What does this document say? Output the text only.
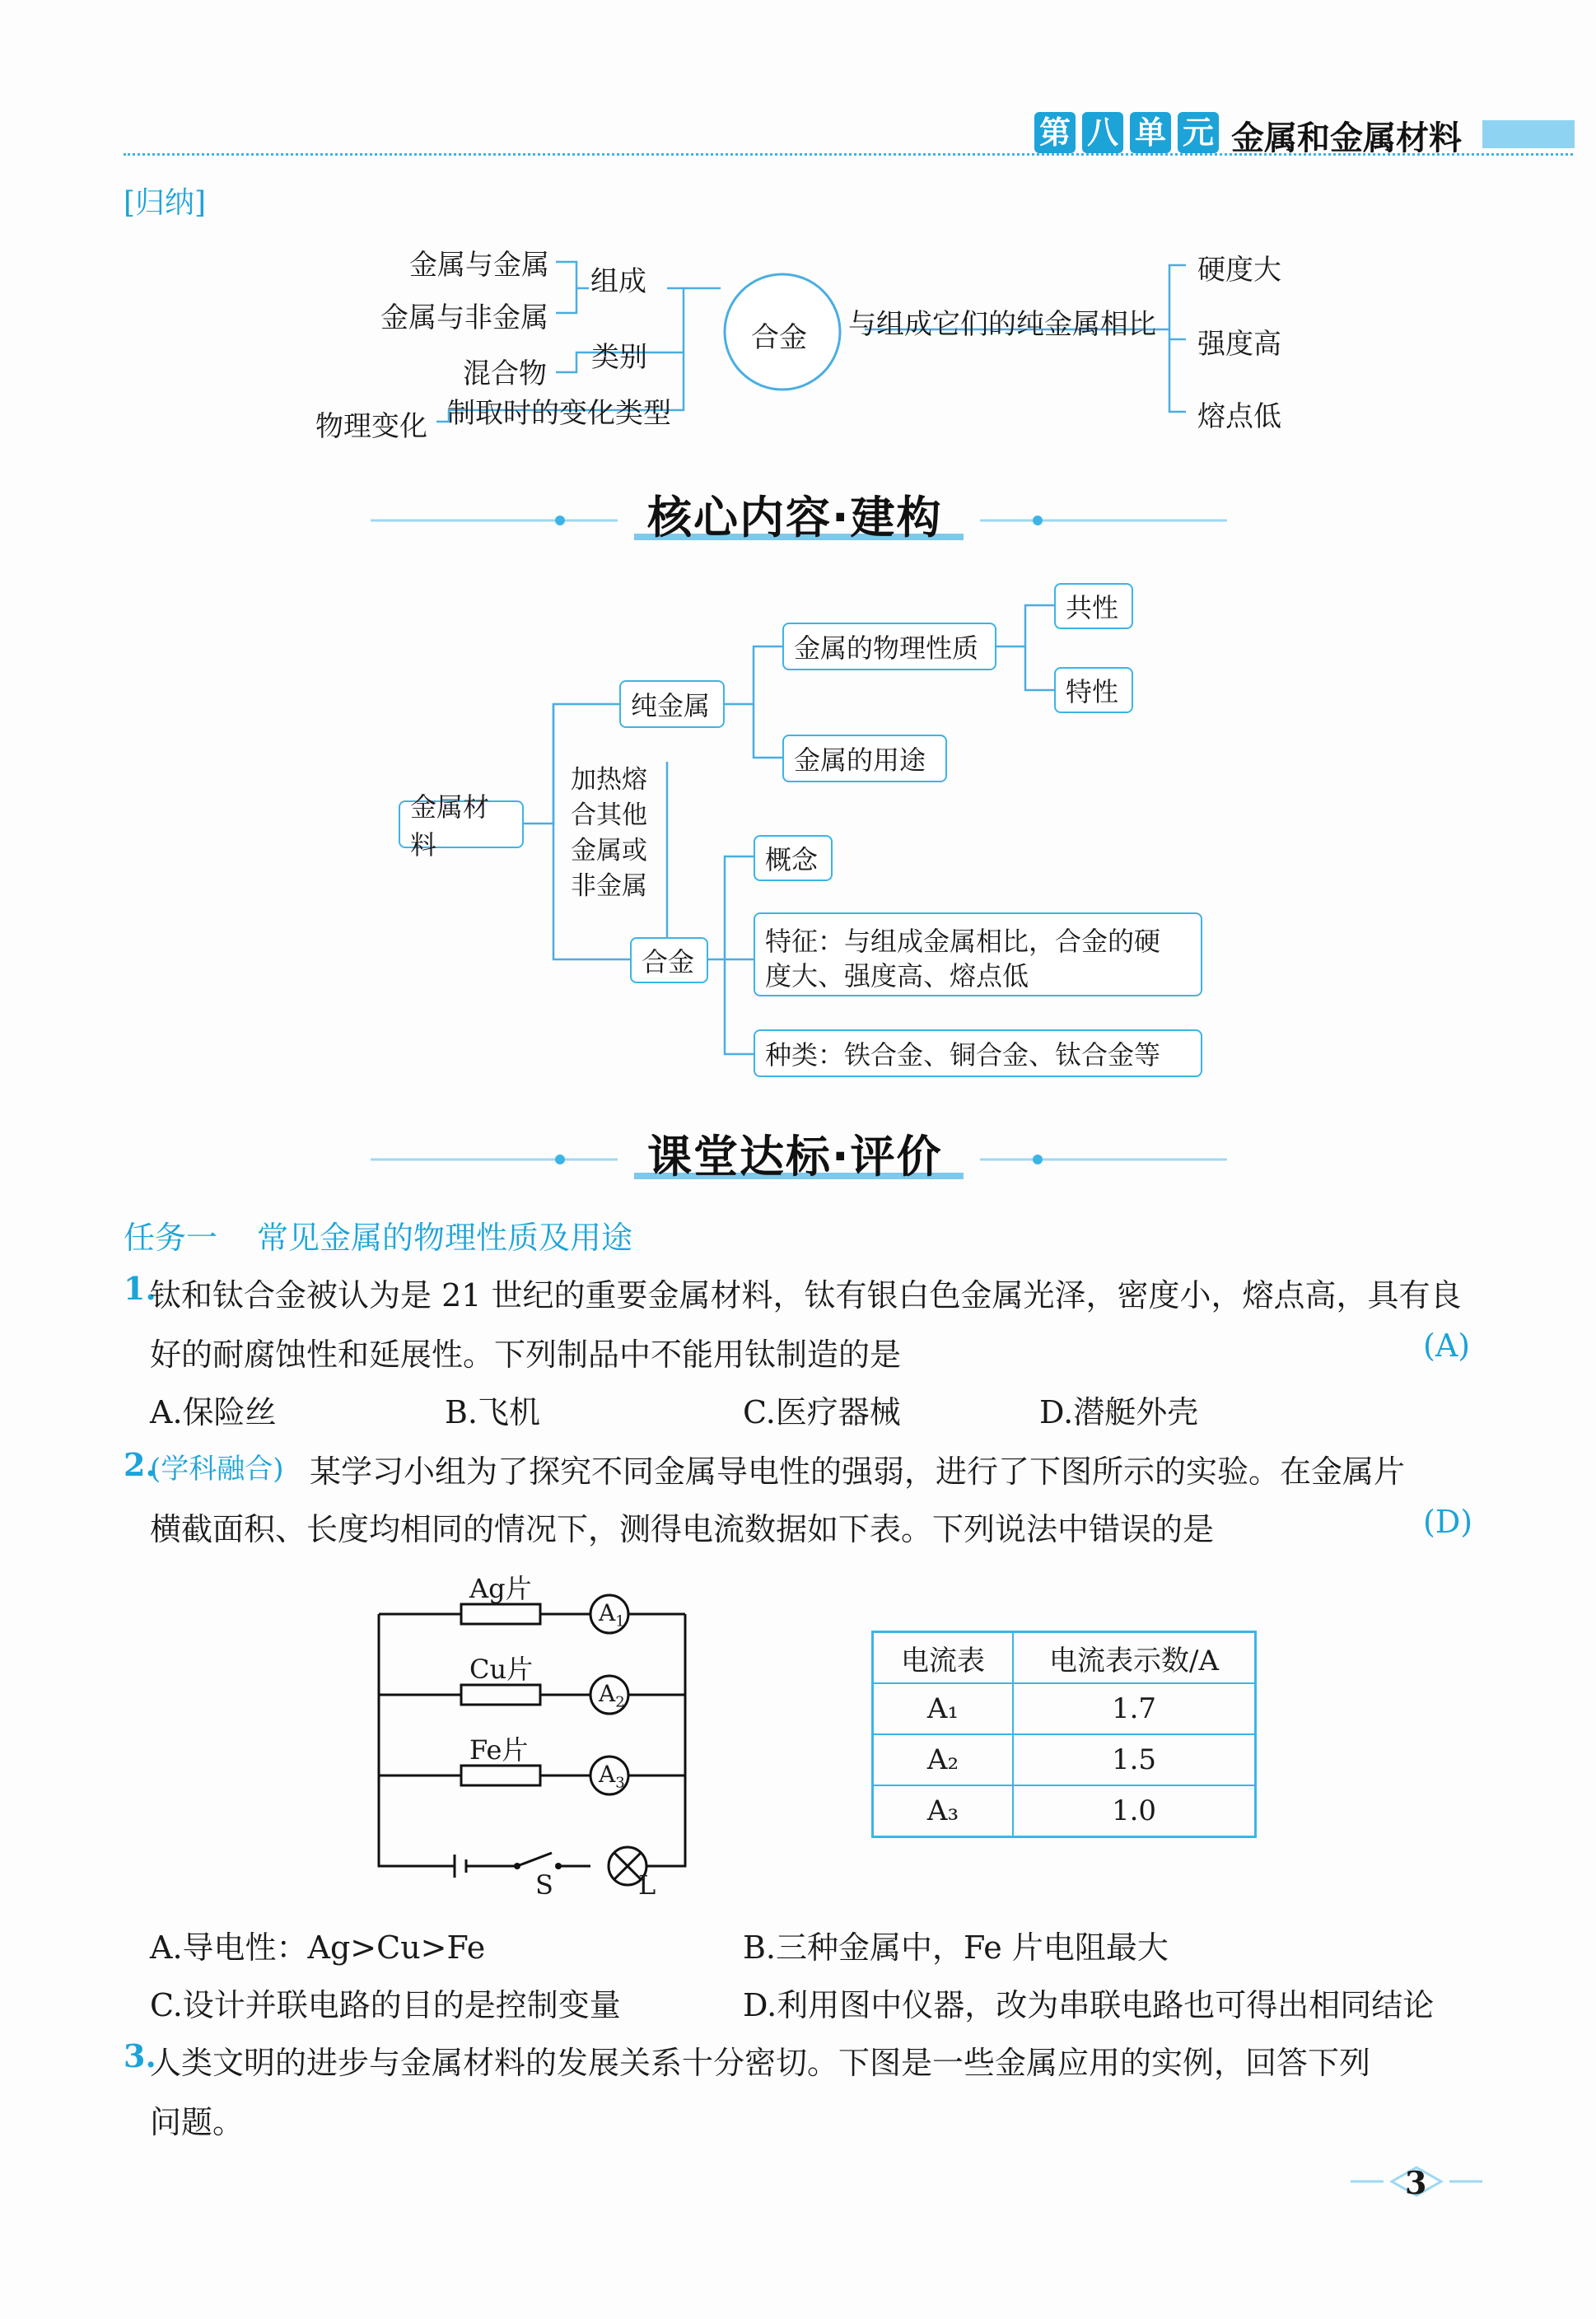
第 八 单 元 金属和金属材料
[归纳]
金属与金属
金属与非金属
组成
混合物 类别
物理变化 制取时的变化类型
合金 与组成它们的纯金属相比
硬度大
强度高
熔点低
核心内容·建构
金属材料
纯金属
金属的物理性质
共性
特性
金属的用途
加热熔
合其他
金属或
非金属
合金
概念
特征：与组成金属相比，合金的硬
度大、强度高、熔点低
种类：铁合金、铜合金、钛合金等
课堂达标·评价
任务一 常见金属的物理性质及用途
1.
钛和钛合金被认为是 21 世纪的重要金属材料，钛有银白色金属光泽，密度小，熔点高，具有良
好的耐腐蚀性和延展性。下列制品中不能用钛制造的是	(A)
A.保险丝	B.飞机	C.医疗器械	D.潜艇外壳
2.
(学科融合) 某学习小组为了探究不同金属导电性的强弱，进行了下图所示的实验。在金属片
横截面积、长度均相同的情况下，测得电流数据如下表。下列说法中错误的是	(D)
Ag片
Cu片
Fe片
$A_1$
$A_2$
$A_3$
S	L
电流表	电流表示数/A
A₁	1.7
A₂	1.5
A₃	1.0
A.导电性：Ag>Cu>Fe	B.三种金属中，Fe 片电阻最大
C.设计并联电路的目的是控制变量	D.利用图中仪器，改为串联电路也可得出相同结论
3.
人类文明的进步与金属材料的发展关系十分密切。下图是一些金属应用的实例，回答下列
问题。
3
